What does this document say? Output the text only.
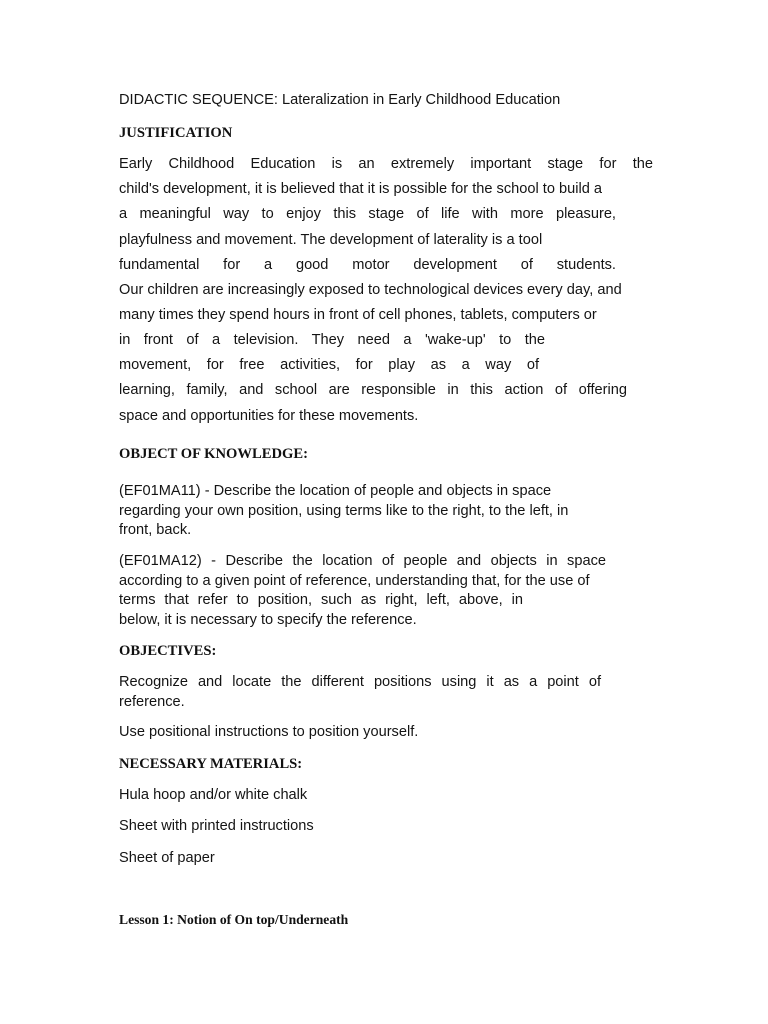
DIDACTIC SEQUENCE: Lateralization in Early Childhood Education
JUSTIFICATION
Early Childhood Education is an extremely important stage for the
child's development, it is believed that it is possible for the school to build a
a meaningful way to enjoy this stage of life with more pleasure,
playfulness and movement. The development of laterality is a tool
fundamental for a good motor development of students.
Our children are increasingly exposed to technological devices every day, and
many times they spend hours in front of cell phones, tablets, computers or
in front of a television. They need a 'wake-up' to the
movement, for free activities, for play as a way of
learning, family, and school are responsible in this action of offering
space and opportunities for these movements.
OBJECT OF KNOWLEDGE:
(EF01MA11) - Describe the location of people and objects in space
regarding your own position, using terms like to the right, to the left, in
front, back.
(EF01MA12) - Describe the location of people and objects in space
according to a given point of reference, understanding that, for the use of
terms that refer to position, such as right, left, above, in
below, it is necessary to specify the reference.
OBJECTIVES:
Recognize and locate the different positions using it as a point of
reference.
Use positional instructions to position yourself.
NECESSARY MATERIALS:
Hula hoop and/or white chalk
Sheet with printed instructions
Sheet of paper
Lesson 1: Notion of On top/Underneath
